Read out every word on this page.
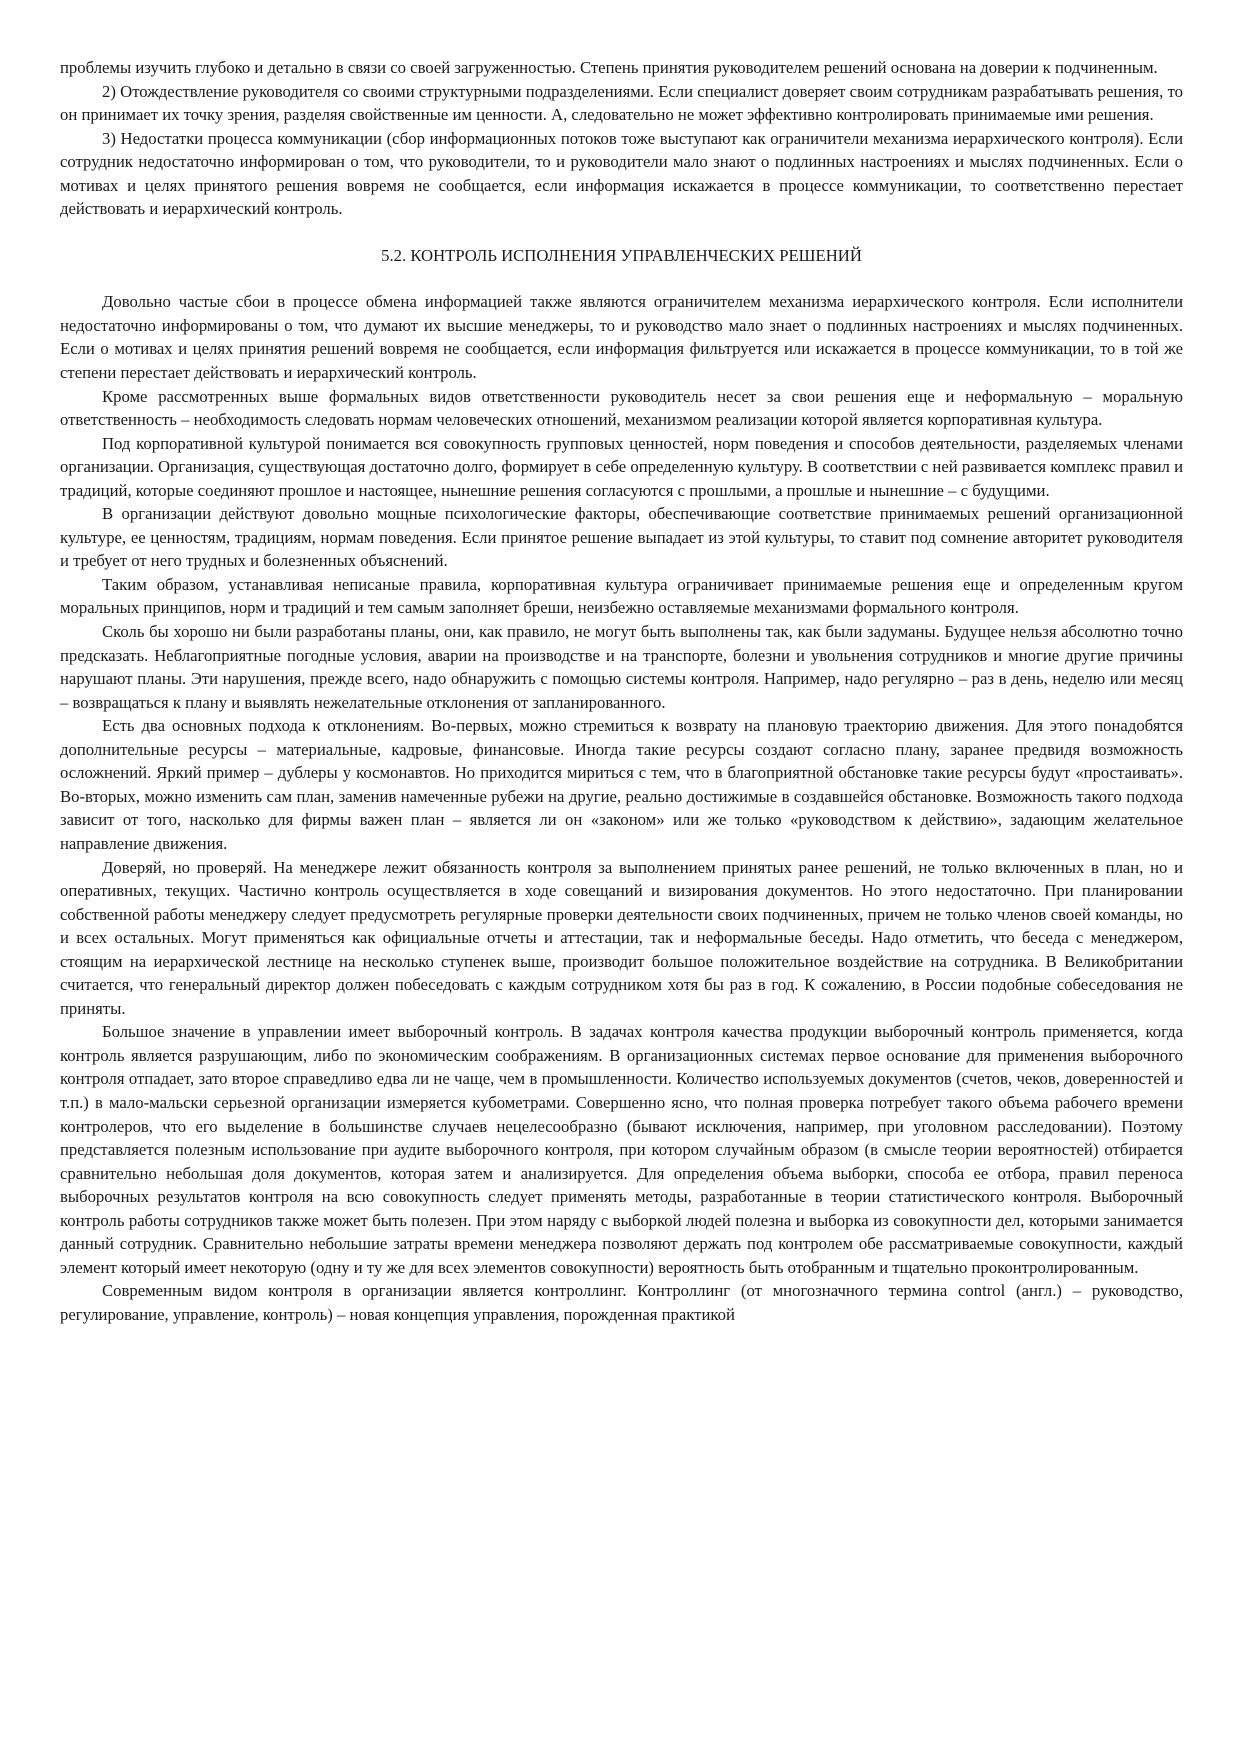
проблемы изучить глубоко и детально в связи со своей загруженностью. Степень принятия руководителем решений основана на доверии к подчиненным.

2) Отождествление руководителя со своими структурными подразделениями. Если специалист доверяет своим сотрудникам разрабатывать решения, то он принимает их точку зрения, разделяя свойственные им ценности. А, следовательно не может эффективно контролировать принимаемые ими решения.

3) Недостатки процесса коммуникации (сбор информационных потоков тоже выступают как ограничители механизма иерархического контроля). Если сотрудник недостаточно информирован о том, что руководители, то и руководители мало знают о подлинных настроениях и мыслях подчиненных. Если о мотивах и целях принятого решения вовремя не сообщается, если информация искажается в процессе коммуникации, то соответственно перестает действовать и иерархический контроль.

5.2. КОНТРОЛЬ ИСПОЛНЕНИЯ УПРАВЛЕНЧЕСКИХ РЕШЕНИЙ

Довольно частые сбои в процессе обмена информацией также являются ограничителем механизма иерархического контроля. Если исполнители недостаточно информированы о том, что думают их высшие менеджеры, то и руководство мало знает о подлинных настроениях и мыслях подчиненных. Если о мотивах и целях принятия решений вовремя не сообщается, если информация фильтруется или искажается в процессе коммуникации, то в той же степени перестает действовать и иерархический контроль.

Кроме рассмотренных выше формальных видов ответственности руководитель несет за свои решения еще и неформальную – моральную ответственность – необходимость следовать нормам человеческих отношений, механизмом реализации которой является корпоративная культура.

Под корпоративной культурой понимается вся совокупность групповых ценностей, норм поведения и способов деятельности, разделяемых членами организации. Организация, существующая достаточно долго, формирует в себе определенную культуру. В соответствии с ней развивается комплекс правил и традиций, которые соединяют прошлое и настоящее, нынешние решения согласуются с прошлыми, а прошлые и нынешние – с будущими.

В организации действуют довольно мощные психологические факторы, обеспечивающие соответствие принимаемых решений организационной культуре, ее ценностям, традициям, нормам поведения. Если принятое решение выпадает из этой культуры, то ставит под сомнение авторитет руководителя и требует от него трудных и болезненных объяснений.

Таким образом, устанавливая неписаные правила, корпоративная культура ограничивает принимаемые решения еще и определенным кругом моральных принципов, норм и традиций и тем самым заполняет бреши, неизбежно оставляемые механизмами формального контроля.

Сколь бы хорошо ни были разработаны планы, они, как правило, не могут быть выполнены так, как были задуманы. Будущее нельзя абсолютно точно предсказать. Неблагоприятные погодные условия, аварии на производстве и на транспорте, болезни и увольнения сотрудников и многие другие причины нарушают планы. Эти нарушения, прежде всего, надо обнаружить с помощью системы контроля. Например, надо регулярно – раз в день, неделю или месяц – возвращаться к плану и выявлять нежелательные отклонения от запланированного.

Есть два основных подхода к отклонениям. Во-первых, можно стремиться к возврату на плановую траекторию движения. Для этого понадобятся дополнительные ресурсы – материальные, кадровые, финансовые. Иногда такие ресурсы создают согласно плану, заранее предвидя возможность осложнений. Яркий пример – дублеры у космонавтов. Но приходится мириться с тем, что в благоприятной обстановке такие ресурсы будут «простаивать». Во-вторых, можно изменить сам план, заменив намеченные рубежи на другие, реально достижимые в создавшейся обстановке. Возможность такого подхода зависит от того, насколько для фирмы важен план – является ли он «законом» или же только «руководством к действию», задающим желательное направление движения.

Доверяй, но проверяй. На менеджере лежит обязанность контроля за выполнением принятых ранее решений, не только включенных в план, но и оперативных, текущих. Частично контроль осуществляется в ходе совещаний и визирования документов. Но этого недостаточно. При планировании собственной работы менеджеру следует предусмотреть регулярные проверки деятельности своих подчиненных, причем не только членов своей команды, но и всех остальных. Могут применяться как официальные отчеты и аттестации, так и неформальные беседы. Надо отметить, что беседа с менеджером, стоящим на иерархической лестнице на несколько ступенек выше, производит большое положительное воздействие на сотрудника. В Великобритании считается, что генеральный директор должен побеседовать с каждым сотрудником хотя бы раз в год. К сожалению, в России подобные собеседования не приняты.

Большое значение в управлении имеет выборочный контроль. В задачах контроля качества продукции выборочный контроль применяется, когда контроль является разрушающим, либо по экономическим соображениям. В организационных системах первое основание для применения выборочного контроля отпадает, зато второе справедливо едва ли не чаще, чем в промышленности. Количество используемых документов (счетов, чеков, доверенностей и т.п.) в мало-мальски серьезной организации измеряется кубометрами. Совершенно ясно, что полная проверка потребует такого объема рабочего времени контролеров, что его выделение в большинстве случаев нецелесообразно (бывают исключения, например, при уголовном расследовании). Поэтому представляется полезным использование при аудите выборочного контроля, при котором случайным образом (в смысле теории вероятностей) отбирается сравнительно небольшая доля документов, которая затем и анализируется. Для определения объема выборки, способа ее отбора, правил переноса выборочных результатов контроля на всю совокупность следует применять методы, разработанные в теории статистического контроля. Выборочный контроль работы сотрудников также может быть полезен. При этом наряду с выборкой людей полезна и выборка из совокупности дел, которыми занимается данный сотрудник. Сравнительно небольшие затраты времени менеджера позволяют держать под контролем обе рассматриваемые совокупности, каждый элемент который имеет некоторую (одну и ту же для всех элементов совокупности) вероятность быть отобранным и тщательно проконтролированным.

Современным видом контроля в организации является контроллинг. Контроллинг (от многозначного термина control (англ.) – руководство, регулирование, управление, контроль) – новая концепция управления, порожденная практикой
